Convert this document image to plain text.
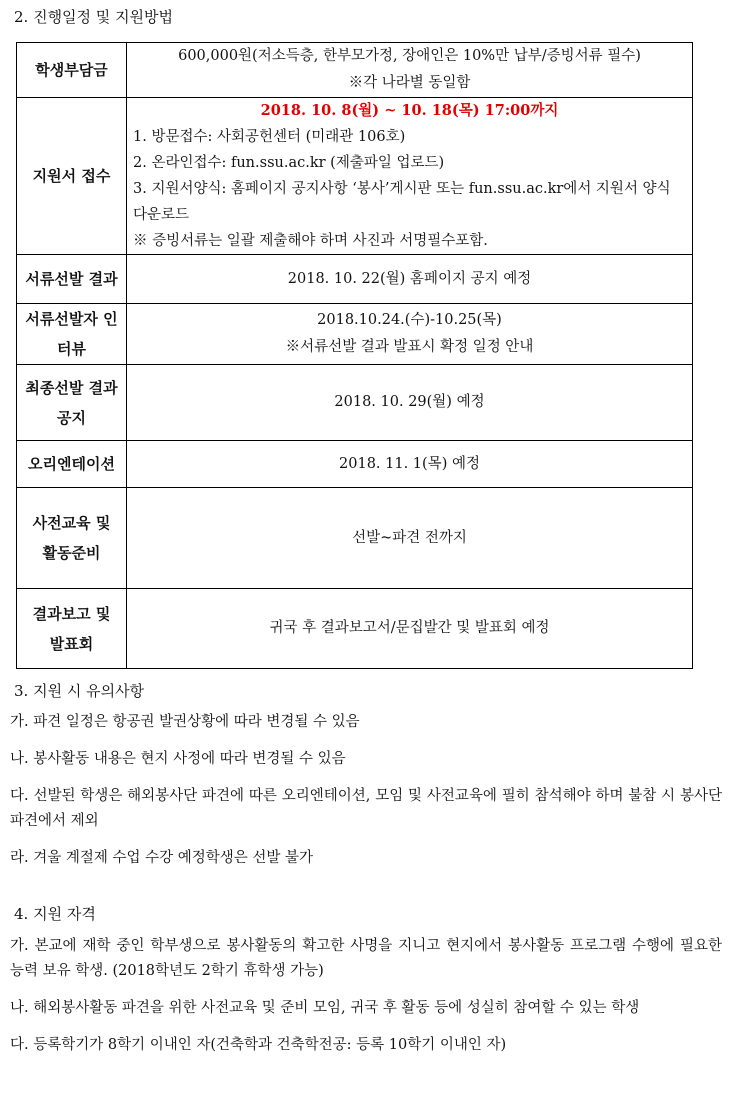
2. 진행일정 및 지원방법
학생부담금	600,000원(저소득층, 한부모가정, 장애인은 10%만 납부/증빙서류 필수)
※각 나라별 동일함

지원서 접수	2018. 10. 8(월) ~ 10. 18(목) 17:00까지
1. 방문접수: 사회공헌센터 (미래관 106호)
2. 온라인접수: fun.ssu.ac.kr (제출파일 업로드)
3. 지원서양식: 홈페이지 공지사항 ‘봉사’게시판 또는 fun.ssu.ac.kr에서 지원서 양식 다운로드
※ 증빙서류는 일괄 제출해야 하며 사진과 서명필수포함.

서류선발 결과	2018. 10. 22(월) 홈페이지 공지 예정

서류선발자 인터뷰	2018.10.24.(수)-10.25(목)
※서류선발 결과 발표시 확정 일정 안내

최종선발 결과공지	2018. 10. 29(월) 예정

오리엔테이션	2018. 11. 1(목) 예정

사전교육 및 활동준비	선발~파견 전까지

결과보고 및 발표회	귀국 후 결과보고서/문집발간 및 발표회 예정
3. 지원 시 유의사항

가. 파견 일정은 항공권 발권상황에 따라 변경될 수 있음

나. 봉사활동 내용은 현지 사정에 따라 변경될 수 있음

다. 선발된 학생은 해외봉사단 파견에 따른 오리엔테이션, 모임 및 사전교육에 필히 참석해야 하며 불참 시 봉사단 파견에서 제외

라. 겨울 계절제 수업 수강 예정학생은 선발 불가

4. 지원 자격

가. 본교에 재학 중인 학부생으로 봉사활동의 확고한 사명을 지니고 현지에서 봉사활동 프로그램 수행에 필요한 능력 보유 학생. (2018학년도 2학기 휴학생 가능)

나. 해외봉사활동 파견을 위한 사전교육 및 준비 모임, 귀국 후 활동 등에 성실히 참여할 수 있는 학생

다. 등록학기가 8학기 이내인 자(건축학과 건축학전공: 등록 10학기 이내인 자)
